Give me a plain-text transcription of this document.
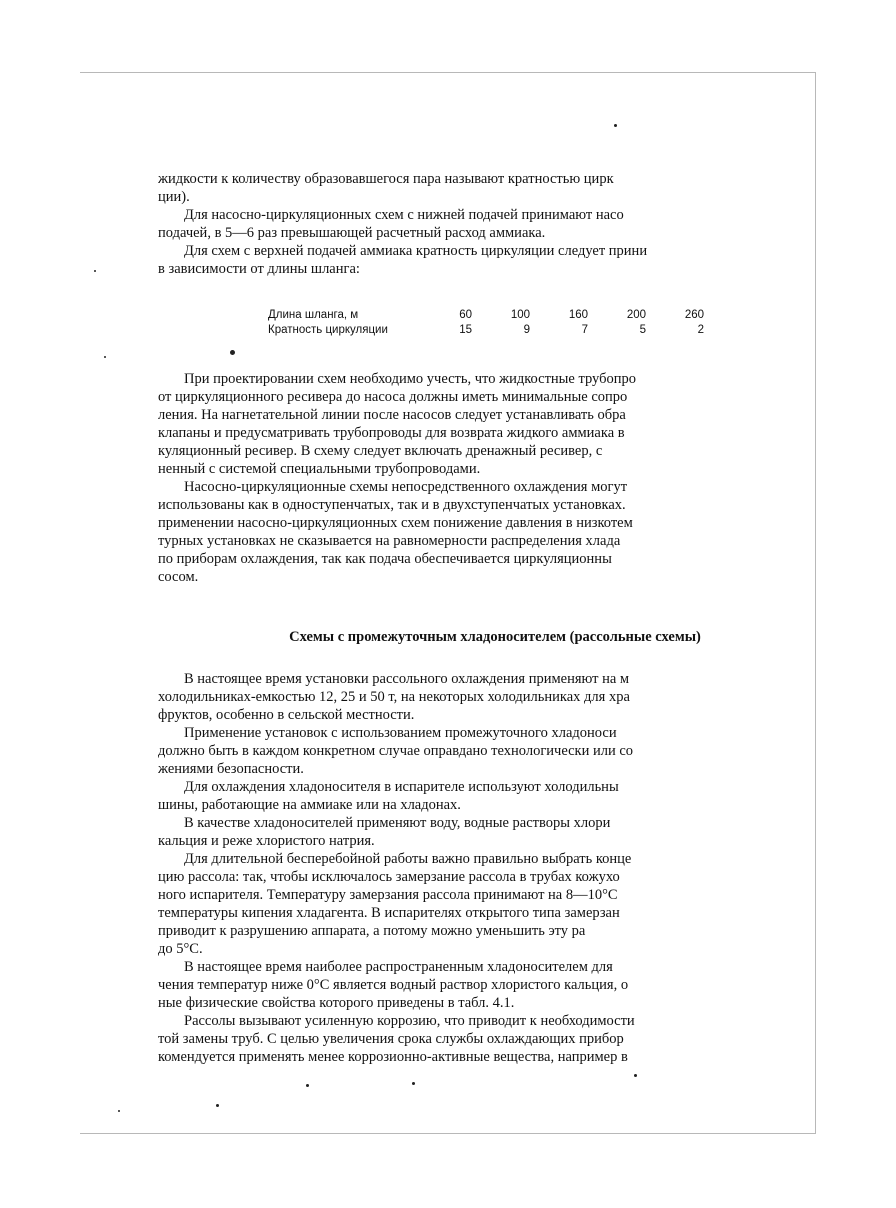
жидкости к количеству образовавшегося пара называют кратностью цирк
ции).

Для насосно-циркуляционных схем с нижней подачей принимают насо
подачей, в 5—6 раз превышающей расчетный расход аммиака.

Для схем с верхней подачей аммиака кратность циркуляции следует прини
в зависимости от длины шланга:

Длина шланга, м	60	100	160	200	260
Кратность циркуляции	15	9	7	5	2

При проектировании схем необходимо учесть, что жидкостные трубопро
от циркуляционного ресивера до насоса должны иметь минимальные сопро
ления. На нагнетательной линии после насосов следует устанавливать обра
клапаны и предусматривать трубопроводы для возврата жидкого аммиака в
куляционный ресивер. В схему следует включать дренажный ресивер, с
ненный с системой специальными трубопроводами.

Насосно-циркуляционные схемы непосредственного охлаждения могут
использованы как в одноступенчатых, так и в двухступенчатых установках.
применении насосно-циркуляционных схем понижение давления в низкотем
турных установках не сказывается на равномерности распределения хлада
по приборам охлаждения, так как подача обеспечивается циркуляционны
сосом.

Схемы с промежуточным хладоносителем (рассольные схемы)

В настоящее время установки рассольного охлаждения применяют на м
холодильниках-емкостью 12, 25 и 50 т, на некоторых холодильниках для хра
фруктов, особенно в сельской местности.

Применение установок с использованием промежуточного хладоноси
должно быть в каждом конкретном случае оправдано технологически или со
жениями безопасности.

Для охлаждения хладоносителя в испарителе используют холодильны
шины, работающие на аммиаке или на хладонах.

В качестве хладоносителей применяют воду, водные растворы хлори
кальция и реже хлористого натрия.

Для длительной бесперебойной работы важно правильно выбрать конце
цию рассола: так, чтобы исключалось замерзание рассола в трубах кожухо
ного испарителя. Температуру замерзания рассола принимают на 8—10°C
температуры кипения хладагента. В испарителях открытого типа замерзан
приводит к разрушению аппарата, а потому можно уменьшить эту ра
до 5°C.

В настоящее время наиболее распространенным хладоносителем для
чения температур ниже 0°C является водный раствор хлористого кальция, о
ные физические свойства которого приведены в табл. 4.1.

Рассолы вызывают усиленную коррозию, что приводит к необходимости
той замены труб. С целью увеличения срока службы охлаждающих прибор
комендуется применять менее коррозионно-активные вещества, например в
